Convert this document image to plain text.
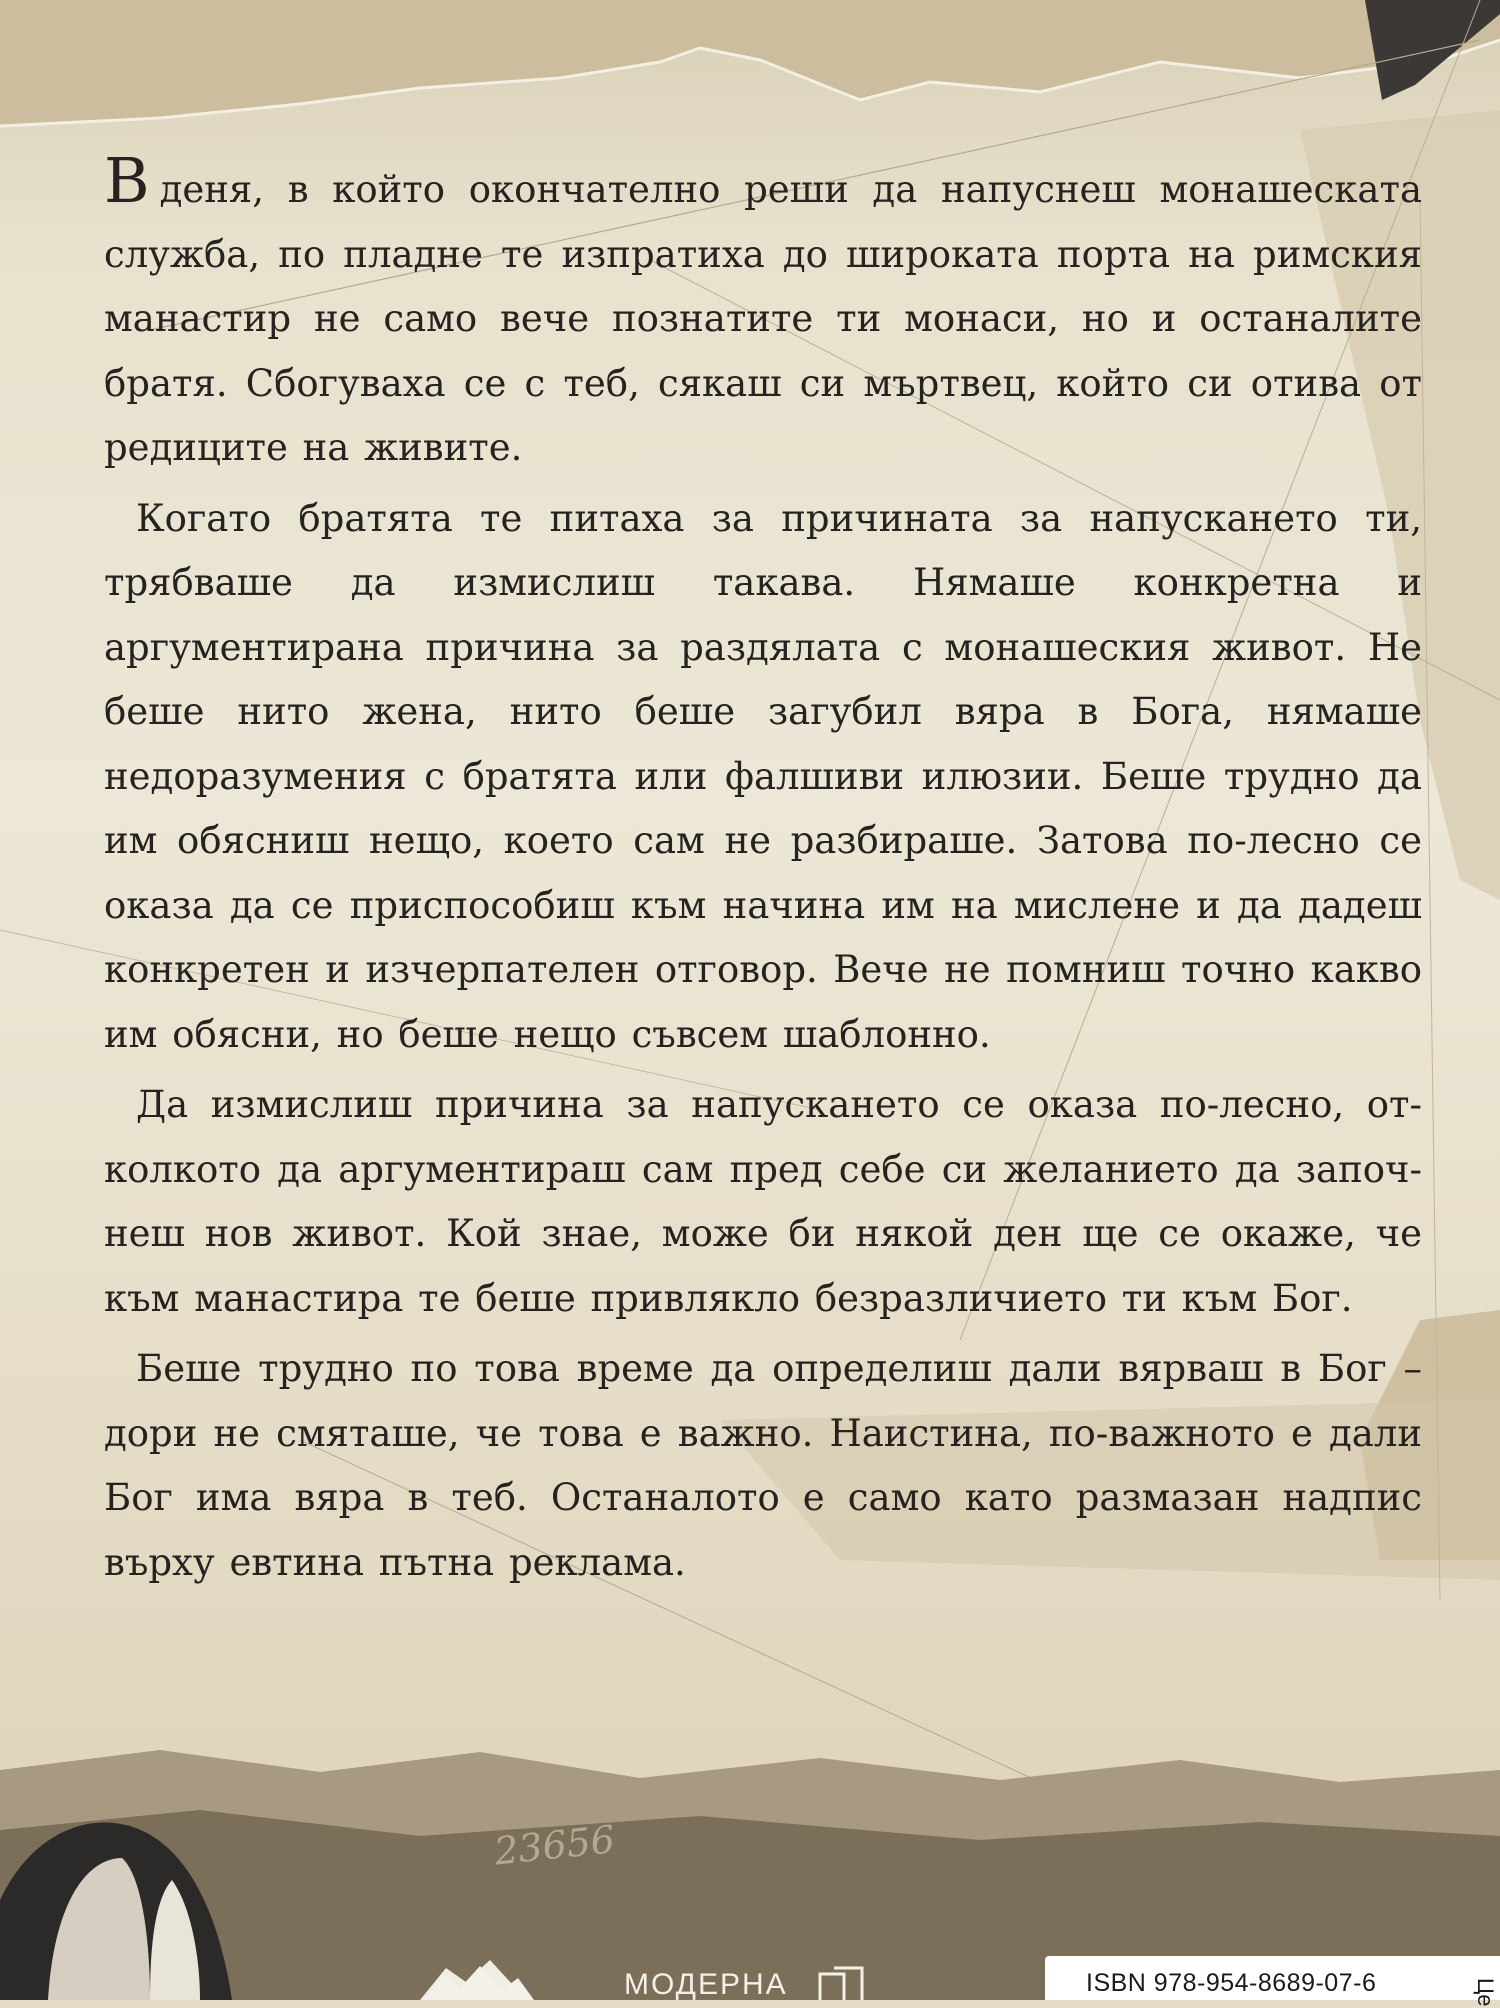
Вденя, в който окончателно реши да напуснеш монашеската служба, по пладне те изпратиха до широката порта на римския манастир не само вече познатите ти монаси, но и останалите братя. Сбогуваха се с теб, сякаш си мъртвец, който си отива от редиците на живите.

Когато братята те питаха за причината за напускането ти, трябваше да измислиш такава. Нямаше конкретна и аргументирана причина за раздялата с монашеския живот. Не беше нито жена, нито беше загубил вяра в Бога, нямаше недоразумения с братята или фалшиви илюзии. Беше трудно да им обясниш нещо, което сам не разбираше. Затова по-лесно се оказа да се приспособиш към начина им на мислене и да дадеш конкретен и изчерпателен отговор. Вече не помниш точно какво им обясни, но беше нещо съвсем шаблонно.

Да измислиш причина за напускането се оказа по-лесно, отколкото да аргументираш сам пред себе си желанието да започнеш нов живот. Кой знае, може би някой ден ще се окаже, че към манастира те беше привлякло безразличието ти към Бог.

Беше трудно по това време да определиш дали вярваш в Бог – дори не смяташе, че това е важно. Наистина, по-важното е дали Бог има вяра в теб. Останалото е само като размазан надпис върху евтина пътна реклама.

23656
МОДЕРНА	ISBN 978-954-8689-07-6	Це
